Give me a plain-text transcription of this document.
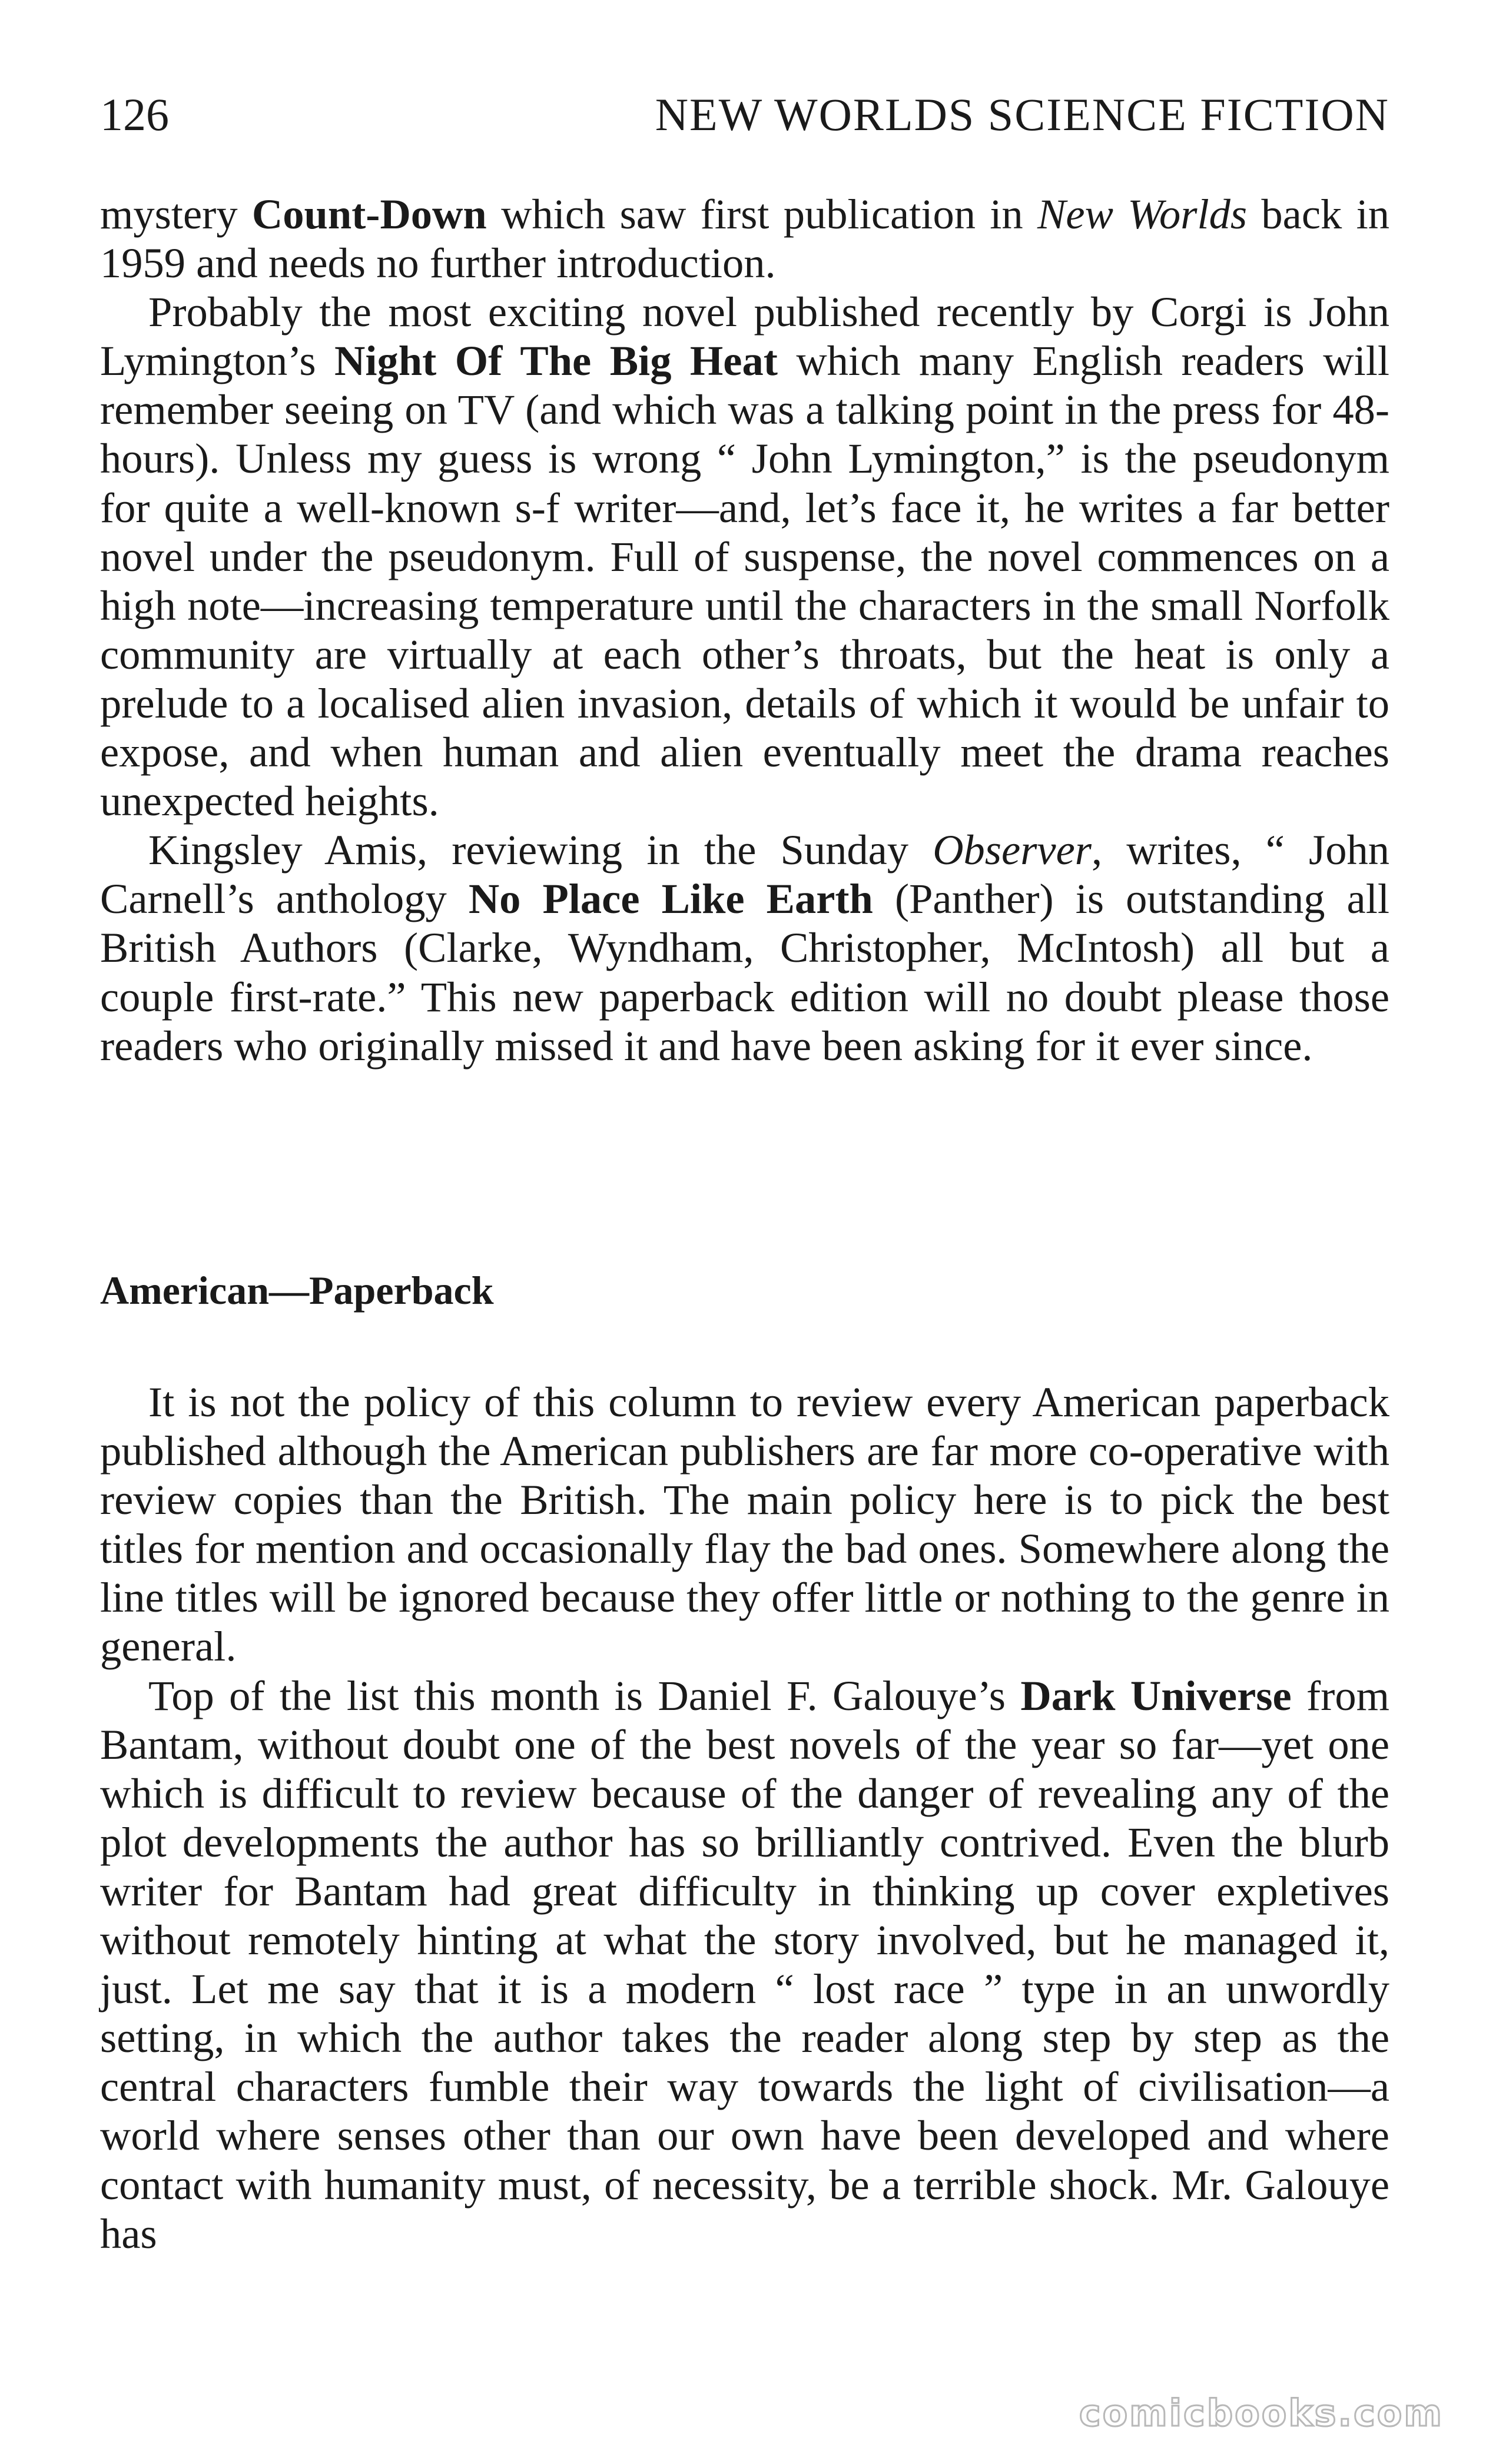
126	NEW WORLDS SCIENCE FICTION

mystery Count-Down which saw first publication in New Worlds back in 1959 and needs no further introduction.

Probably the most exciting novel published recently by Corgi is John Lymington’s Night Of The Big Heat which many English readers will remember seeing on TV (and which was a talking point in the press for 48-hours). Unless my guess is wrong “ John Lymington,” is the pseudonym for quite a well-known s-f writer—and, let’s face it, he writes a far better novel under the pseudonym. Full of suspense, the novel commences on a high note—increasing temperature until the characters in the small Norfolk community are virtually at each other’s throats, but the heat is only a prelude to a localised alien invasion, details of which it would be unfair to expose, and when human and alien eventually meet the drama reaches unexpected heights.

Kingsley Amis, reviewing in the Sunday Observer, writes, “ John Carnell’s anthology No Place Like Earth (Panther) is outstanding all British Authors (Clarke, Wyndham, Christopher, McIntosh) all but a couple first-rate.” This new paperback edition will no doubt please those readers who originally missed it and have been asking for it ever since.

American—Paperback

It is not the policy of this column to review every American paperback published although the American publishers are far more co-operative with review copies than the British. The main policy here is to pick the best titles for mention and occasionally flay the bad ones. Somewhere along the line titles will be ignored because they offer little or nothing to the genre in general.

Top of the list this month is Daniel F. Galouye’s Dark Universe from Bantam, without doubt one of the best novels of the year so far—yet one which is difficult to review because of the danger of revealing any of the plot developments the author has so brilliantly contrived. Even the blurb writer for Bantam had great difficulty in thinking up cover expletives without remotely hinting at what the story involved, but he managed it, just. Let me say that it is a modern “ lost race ” type in an unwordly setting, in which the author takes the reader along step by step as the central characters fumble their way towards the light of civilisation—a world where senses other than our own have been developed and where contact with humanity must, of necessity, be a terrible shock. Mr. Galouye has

comicbooks.com
